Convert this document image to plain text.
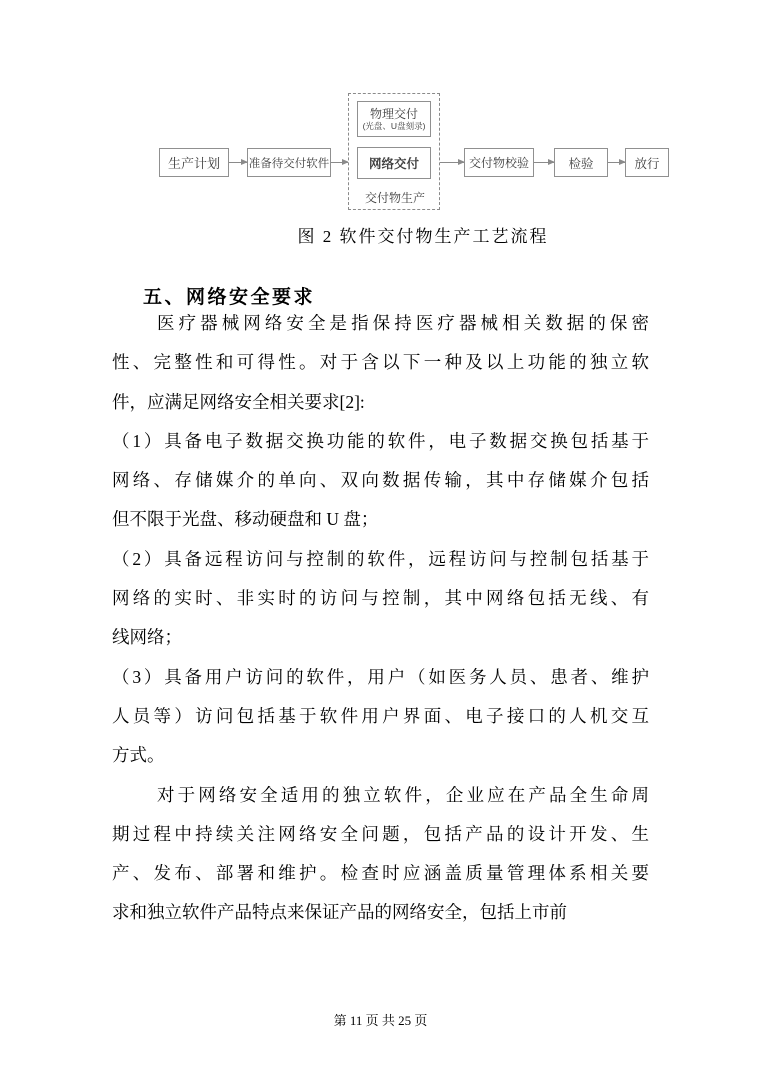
生产计划	准备待交付软件
物理交付
(光盘、U盘刻录)
网络交付
交付物生产
交付物校验	检验	放行
图 2 软件交付物生产工艺流程
五、网络安全要求
医疗器械网络安全是指保持医疗器械相关数据的保密
性、完整性和可得性。对于含以下一种及以上功能的独立软
件，应满足网络安全相关要求[2]:
（1）具备电子数据交换功能的软件，电子数据交换包括基于
网络、存储媒介的单向、双向数据传输，其中存储媒介包括
但不限于光盘、移动硬盘和 U 盘；
（2）具备远程访问与控制的软件，远程访问与控制包括基于
网络的实时、非实时的访问与控制，其中网络包括无线、有
线网络；
（3）具备用户访问的软件，用户（如医务人员、患者、维护
人员等）访问包括基于软件用户界面、电子接口的人机交互
方式。
对于网络安全适用的独立软件，企业应在产品全生命周
期过程中持续关注网络安全问题，包括产品的设计开发、生
产、发布、部署和维护。检查时应涵盖质量管理体系相关要
求和独立软件产品特点来保证产品的网络安全，包括上市前
第 11 页 共 25 页
